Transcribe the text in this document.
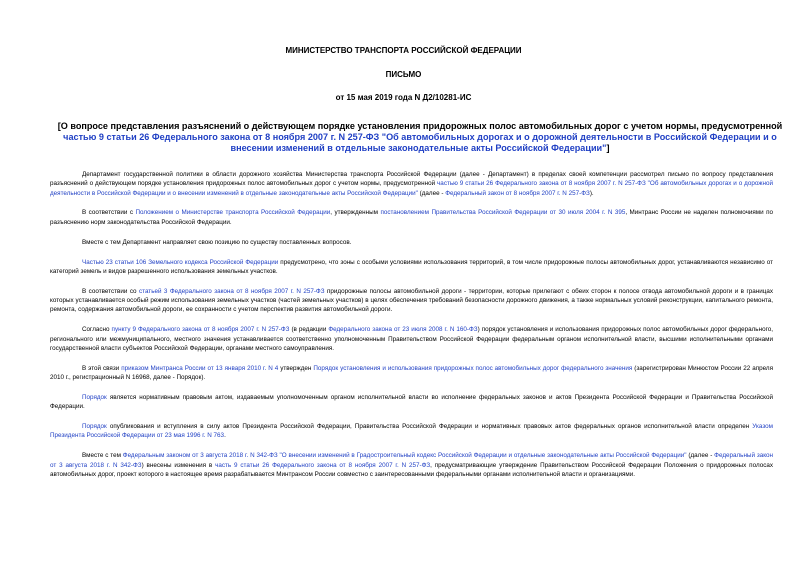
МИНИСТЕРСТВО ТРАНСПОРТА РОССИЙСКОЙ ФЕДЕРАЦИИ
ПИСЬМО
от 15 мая 2019 года N Д2/10281-ИС
[О вопросе представления разъяснений о действующем порядке установления придорожных полос автомобильных дорог с учетом нормы, предусмотренной частью 9 статьи 26 Федерального закона от 8 ноября 2007 г. N 257-ФЗ "Об автомобильных дорогах и о дорожной деятельности в Российской Федерации и о внесении изменений в отдельные законодательные акты Российской Федерации"]

Департамент государственной политики в области дорожного хозяйства Министерства транспорта Российской Федерации (далее - Департамент) в пределах своей компетенции рассмотрел письмо по вопросу представления разъяснений о действующем порядке установления придорожных полос автомобильных дорог с учетом нормы, предусмотренной частью 9 статьи 26 Федерального закона от 8 ноября 2007 г. N 257-ФЗ "Об автомобильных дорогах и о дорожной деятельности в Российской Федерации и о внесении изменений в отдельные законодательные акты Российской Федерации" (далее - Федеральный закон от 8 ноября 2007 г. N 257-ФЗ).

В соответствии с Положением о Министерстве транспорта Российской Федерации, утвержденным постановлением Правительства Российской Федерации от 30 июля 2004 г. N 395, Минтранс России не наделен полномочиями по разъяснению норм законодательства Российской Федерации.

Вместе с тем Департамент направляет свою позицию по существу поставленных вопросов.

Частью 23 статьи 106 Земельного кодекса Российской Федерации предусмотрено, что зоны с особыми условиями использования территорий, в том числе придорожные полосы автомобильных дорог, устанавливаются независимо от категорий земель и видов разрешенного использования земельных участков.

В соответствии со статьей 3 Федерального закона от 8 ноября 2007 г. N 257-ФЗ придорожные полосы автомобильной дороги - территории, которые прилегают с обеих сторон к полосе отвода автомобильной дороги и в границах которых устанавливается особый режим использования земельных участков (частей земельных участков) в целях обеспечения требований безопасности дорожного движения, а также нормальных условий реконструкции, капитального ремонта, ремонта, содержания автомобильной дороги, ее сохранности с учетом перспектив развития автомобильной дороги.

Согласно пункту 9 Федерального закона от 8 ноября 2007 г. N 257-ФЗ (в редакции Федерального закона от 23 июля 2008 г. N 160-ФЗ) порядок установления и использования придорожных полос автомобильных дорог федерального, регионального или межмуниципального, местного значения устанавливается соответственно уполномоченным Правительством Российской Федерации федеральным органом исполнительной власти, высшими исполнительными органами государственной власти субъектов Российской Федерации, органами местного самоуправления.

В этой связи приказом Минтранса России от 13 января 2010 г. N 4 утвержден Порядок установления и использования придорожных полос автомобильных дорог федерального значения (зарегистрирован Минюстом России 22 апреля 2010 г., регистрационный N 16968, далее - Порядок).

Порядок является нормативным правовым актом, издаваемым уполномоченным органом исполнительной власти во исполнение федеральных законов и актов Президента Российской Федерации и Правительства Российской Федерации.

Порядок опубликования и вступления в силу актов Президента Российской Федерации, Правительства Российской Федерации и нормативных правовых актов федеральных органов исполнительной власти определен Указом Президента Российской Федерации от 23 мая 1996 г. N 763.

Вместе с тем Федеральным законом от 3 августа 2018 г. N 342-ФЗ "О внесении изменений в Градостроительный кодекс Российской Федерации и отдельные законодательные акты Российской Федерации" (далее - Федеральный закон от 3 августа 2018 г. N 342-ФЗ) внесены изменения в часть 9 статьи 26 Федерального закона от 8 ноября 2007 г. N 257-ФЗ, предусматривающие утверждение Правительством Российской Федерации Положения о придорожных полосах автомобильных дорог, проект которого в настоящее время разрабатывается Минтрансом России совместно с заинтересованными федеральными органами исполнительной власти и организациями.
